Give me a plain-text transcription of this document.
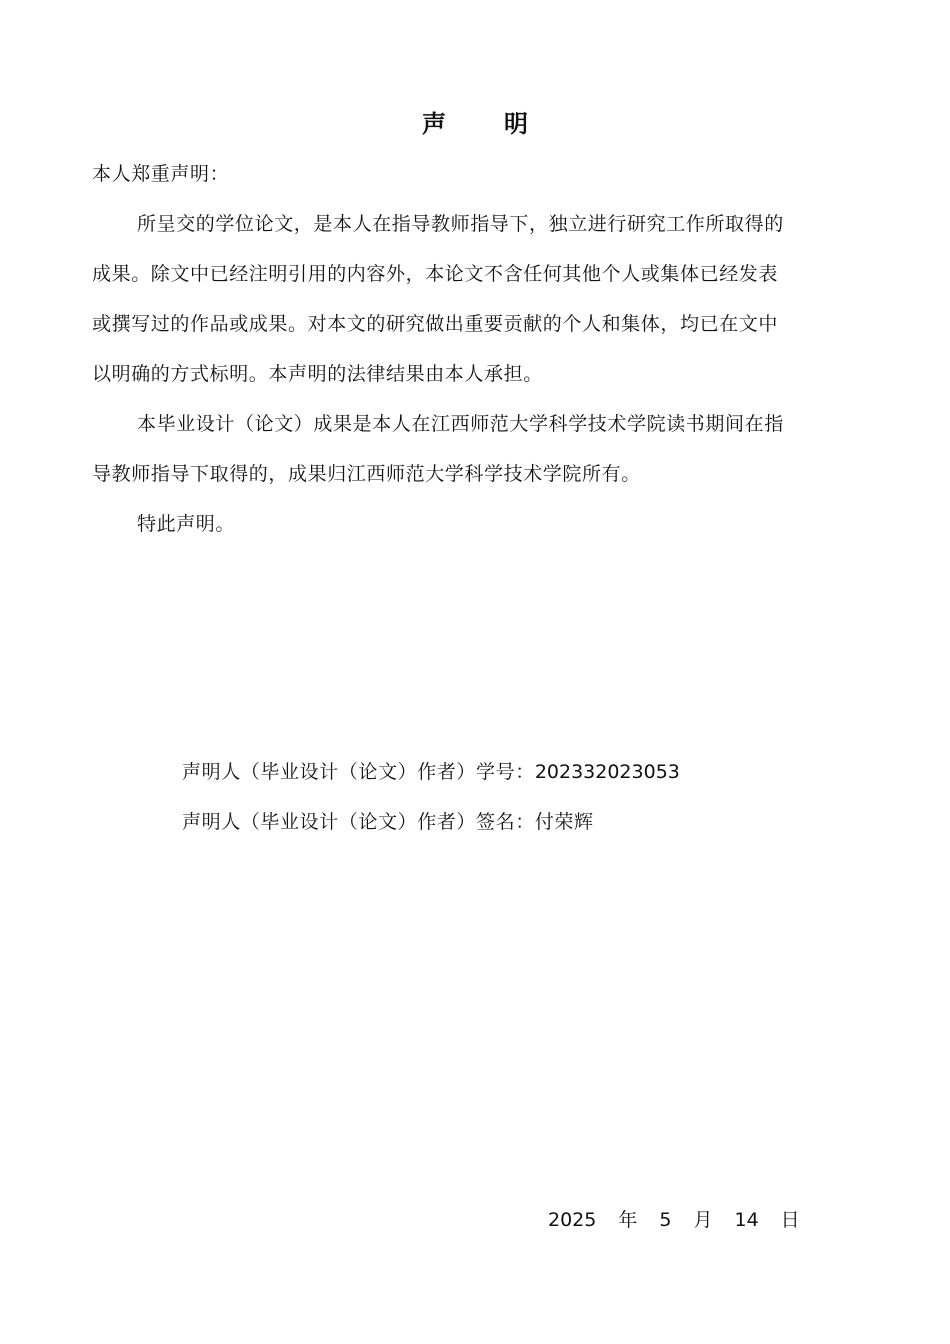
声 明
本人郑重声明：
所呈交的学位论文，是本人在指导教师指导下，独立进行研究工作所取得的
成果。除文中已经注明引用的内容外，本论文不含任何其他个人或集体已经发表
或撰写过的作品或成果。对本文的研究做出重要贡献的个人和集体，均已在文中
以明确的方式标明。本声明的法律结果由本人承担。
本毕业设计（论文）成果是本人在江西师范大学科学技术学院读书期间在指
导教师指导下取得的，成果归江西师范大学科学技术学院所有。
特此声明。
声明人（毕业设计（论文）作者）学号：202332023053
声明人（毕业设计（论文）作者）签名：付荣辉
2025 年 5 月 14 日
